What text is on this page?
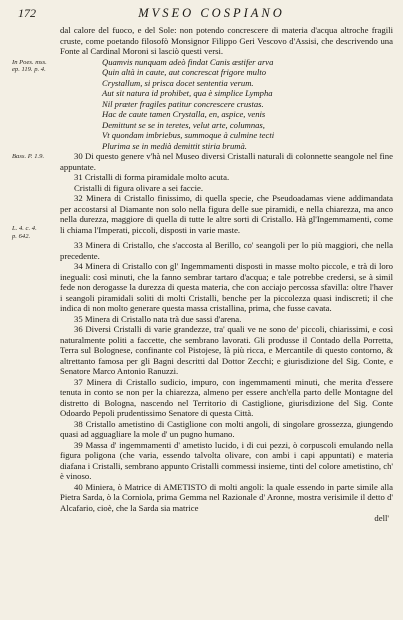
172	MVSEO COSPIANO
dal calore del fuoco, e del Sole: non potendo concrescere di materia d'acqua altroche fragili cruste, come poetando filosofò Monsignor Filippo Geri Vescovo d'Assisi, che descrivendo una Fonte al Cardinal Moroni si lasciò questi versi.
In Poes. mss.
ep. 119. p. 4.
Quamvis nunquam adeò findat Canis æstifer arva
Quin altà in caute, aut concrescat frigore multo
Crystallum, si prisca docet sententia verum.
Aut sit natura id prohibet, qua è simplice Lympha
Nil præter fragiles patitur concrescere crustas.
Hac de caute tamen Crystalla, en, aspice, venis
Demittunt se se in teretes, velut arte, columnas,
Vt quondam imbriebus, summoque à culmine tecti
Plurima se in medià demittit stiria brumà.
Bass. P. 1.9.	30 Di questo genere v'hà nel Museo diversi Cristalli naturali di colonnette seangole nel fine appuntate.

31 Cristalli di forma piramidale molto acuta.

Cristalli di figura olivare a sei faccie.

L. 4. c. 4.
p. 642.

32 Minera di Cristallo finissimo, di quella specie, che Pseudoadamas viene addimandata per accostarsi al Diamante non solo nella figura delle sue piramidi, e nella chiarezza, ma anco nella durezza, maggiore di quella di tutte le altre sorti di Cristallo. Hà gl'Ingemmamenti, come li chiama l'Imperati, piccoli, disposti in varie maste.

33 Minera di Cristallo, che s'accosta al Berillo, co' seangoli per lo più maggiori, che nella precedente.

34 Minera di Cristallo con gl' Ingemmamenti disposti in masse molto piccole, e trà di loro ineguali: così minuti, che la fanno sembrar tartaro d'acqua; e tale potrebbe credersi, se à simil fede non derogasse la durezza di questa materia, che con acciajo percossa sfavilla: oltre l'haver i seangoli piramidali soliti di molti Cristalli, benche per la piccolezza quasi indiscreti; il che indica di non molto generare questa massa cristallina, prima, che fusse cavata.

35 Minera di Cristallo nata trà due sassi d'arena.

36 Diversi Cristalli di varie grandezze, tra' quali ve ne sono de' piccoli, chiarissimi, e così naturalmente politi a faccette, che sembrano lavorati. Gli produsse il Contado della Porretta, Terra sul Bolognese, confinante col Pistojese, là più ricca, e Mercantile di questo contorno, & altrettanto famosa per gli Bagni descritti dal Dottor Zecchi; e giurisdizione del Sig. Conte, e Senatore Marco Antonio Ranuzzi.

37 Minera di Cristallo sudicio, impuro, con ingemmamenti minuti, che merita d'essere tenuta in conto se non per la chiarezza, almeno per essere anch'ella parto delle Montagne del distretto di Bologna, nascendo nel Territorio di Castiglione, giurisdizione del Sig. Conte Odoardo Pepoli prudentissimo Senatore di questa Città.

38 Cristallo ametistino di Castiglione con molti angoli, di singolare grossezza, giungendo quasi ad agguagliare la mole d' un pugno humano.

39 Massa d' ingemmamenti d' ametisto lucido, i di cui pezzi, ò corpuscoli emulando nella figura poligona (che varia, essendo talvolta olivare, con ambi i capi appuntati) e materia diafana i Cristalli, sembrano appunto Cristalli commessi insieme, tinti del colore ametistino, ch' è vinoso.

40 Miniera, ò Matrice di AMETISTO di molti angoli: la quale essendo in parte simile alla Pietra Sarda, ò la Corniola, prima Gemma nel Razionale d' Aronne, mostra verisimile il detto d' Alcafario, cioè, che la Sarda sia matrice

dell'
